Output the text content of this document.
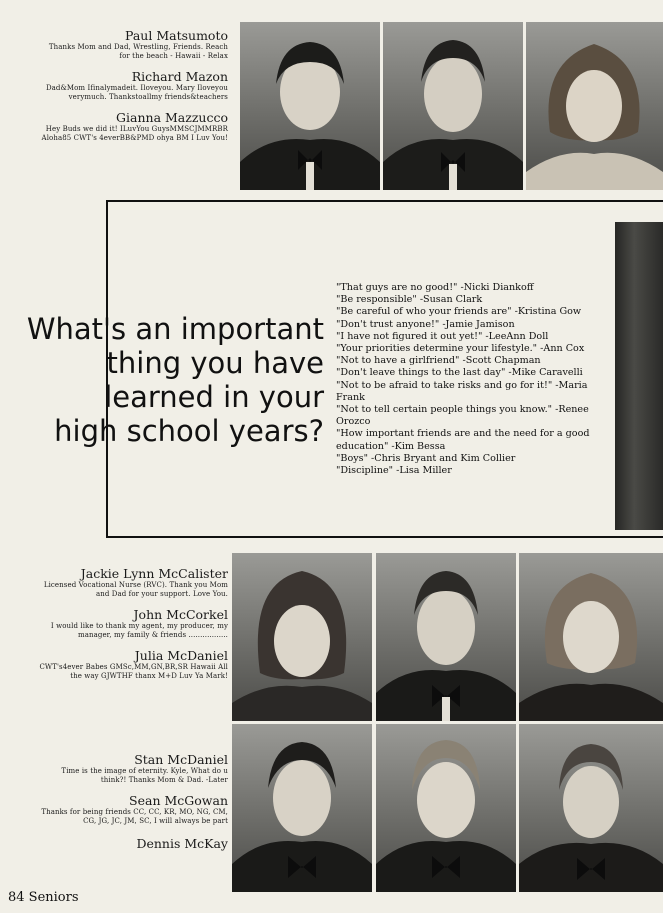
Paul Matsumoto
Thanks Mom and Dad, Wrestling, Friends. Reach for the beach - Hawaii - Relax
Richard Mazon
Dad&Mom Ifinalymadeit. Iloveyou. Mary Iloveyou verymuch. Thankstoallmy friends&teachers
Gianna Mazzucco
Hey Buds we did it! ILuvYou GuysMMSCJMMRBR Aloha85 CWT's 4everBB&PMD ohya BM I Luv You!
What's an important
thing you have
learned in your
high school years?
"That guys are no good!" -Nicki Diankoff
"Be responsible" -Susan Clark
"Be careful of who your friends are" -Kristina Gow
"Don't trust anyone!" -Jamie Jamison
"I have not figured it out yet!" -LeeAnn Doll
"Your priorities determine your lifestyle." -Ann Cox
"Not to have a girlfriend" -Scott Chapman
"Don't leave things to the last day" -Mike Caravelli
"Not to be afraid to take risks and go for it!" -Maria Frank
"Not to tell certain people things you know." -Renee Orozco
"How important friends are and the need for a good education" -Kim Bessa
"Boys" -Chris Bryant and Kim Collier
"Discipline" -Lisa Miller
Jackie Lynn McCalister
Licensed Vocational Nurse (RVC). Thank you Mom and Dad for your support. Love You.
John McCorkel
I would like to thank my agent, my producer, my manager, my family & friends .................
Julia McDaniel
CWT's4ever Babes GMSc,MM,GN,BR,SR Hawaii All the way GJWTHF thanx M+D Luv Ya Mark!
Stan McDaniel
Time is the image of eternity. Kyle, What do u think?! Thanks Mom & Dad. -Later
Sean McGowan
Thanks for being friends CC, CC, KR, MO, NG, CM, CG, JG, JC, JM, SC, I will always be part
Dennis McKay
84 Seniors
